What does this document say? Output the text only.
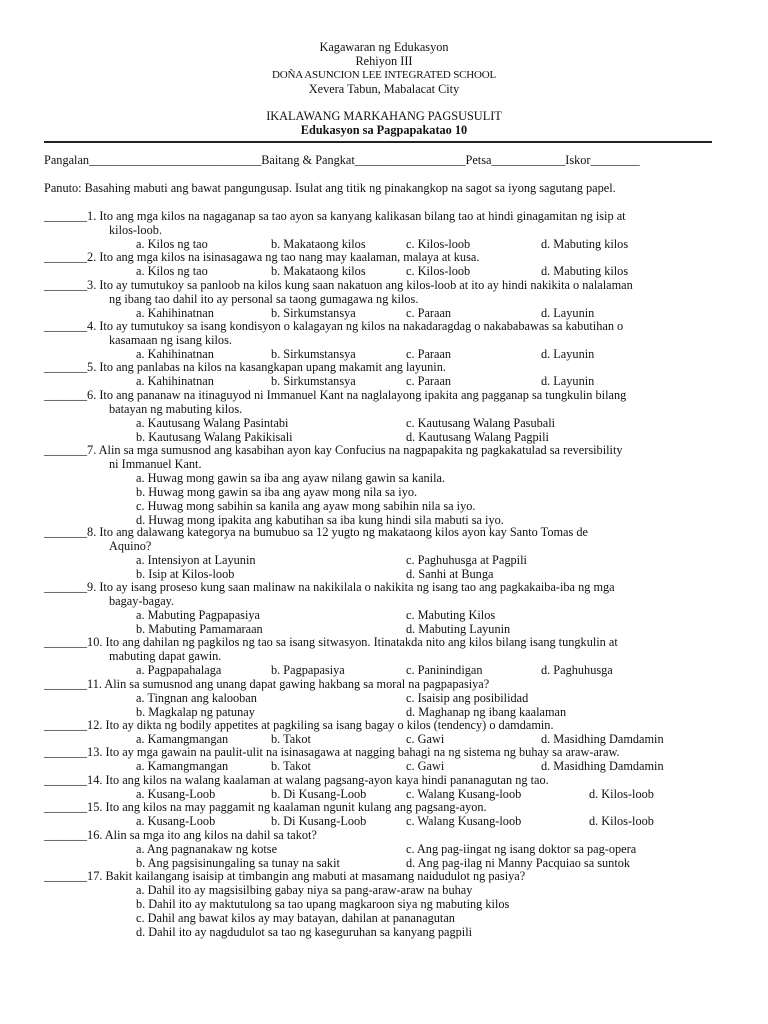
Kagawaran ng Edukasyon
Rehiyon III
DOÑA ASUNCION LEE INTEGRATED SCHOOL
Xevera Tabun, Mabalacat City
IKALAWANG MARKAHANG PAGSUSULIT
Edukasyon sa Pagpapakatao 10
Pangalan____________________________Baitang & Pangkat__________________Petsa____________Iskor________
Panuto: Basahing mabuti ang bawat pangungusap. Isulat ang titik ng pinakangkop na sagot sa iyong sagutang papel.
_______1. Ito ang mga kilos na nagaganap sa tao ayon sa kanyang kalikasan bilang tao at hindi ginagamitan ng isip at
kilos-loob.
a. Kilos ng tao	b. Makataong kilos	c. Kilos-loob	d. Mabuting kilos
_______2. Ito ang mga kilos na isinasagawa ng tao nang may kaalaman, malaya at kusa.
a. Kilos ng tao	b. Makataong kilos	c. Kilos-loob	d. Mabuting kilos
_______3. Ito ay tumutukoy sa panloob na kilos kung saan nakatuon ang kilos-loob at ito ay hindi nakikita o nalalaman
ng ibang tao dahil ito ay personal sa taong gumagawa ng kilos.
a. Kahihinatnan	b. Sirkumstansya	c. Paraan	d. Layunin
_______4. Ito ay tumutukoy sa isang kondisyon o kalagayan ng kilos na nakadaragdag o nakababawas sa kabutihan o
kasamaan ng isang kilos.
a. Kahihinatnan	b. Sirkumstansya	c. Paraan	d. Layunin
_______5. Ito ang panlabas na kilos na kasangkapan upang makamit ang layunin.
a. Kahihinatnan	b. Sirkumstansya	c. Paraan	d. Layunin
_______6. Ito ang pananaw na itinaguyod ni Immanuel Kant na naglalayong ipakita ang pagganap sa tungkulin bilang
batayan ng mabuting kilos.
a. Kautusang Walang Pasintabi	c. Kautusang Walang Pasubali
b. Kautusang Walang Pakikisali	d. Kautusang Walang Pagpili
_______7. Alin sa mga sumusnod ang kasabihan ayon kay Confucius na nagpapakita ng pagkakatulad sa reversibility
ni Immanuel Kant.
a. Huwag mong gawin sa iba ang ayaw nilang gawin sa kanila.
b. Huwag mong gawin sa iba ang ayaw mong nila sa iyo.
c. Huwag mong sabihin sa kanila ang ayaw mong sabihin nila sa iyo.
d. Huwag mong ipakita ang kabutihan sa iba kung hindi sila mabuti sa iyo.
_______8. Ito ang dalawang kategorya na bumubuo sa 12 yugto ng makataong kilos ayon kay Santo Tomas de
Aquino?
a. Intensiyon at Layunin	c. Paghuhusga at Pagpili
b. Isip at Kilos-loob	d. Sanhi at Bunga
_______9. Ito ay isang proseso kung saan malinaw na nakikilala o nakikita ng isang tao ang pagkakaiba-iba ng mga
bagay-bagay.
a. Mabuting Pagpapasiya	c. Mabuting Kilos
b. Mabuting Pamamaraan	d. Mabuting Layunin
_______10. Ito ang dahilan ng pagkilos ng tao sa isang sitwasyon. Itinatakda nito ang kilos bilang isang tungkulin at
mabuting dapat gawin.
a. Pagpapahalaga	b. Pagpapasiya	c. Paninindigan	d. Paghuhusga
_______11. Alin sa sumusnod ang unang dapat gawing hakbang sa moral na pagpapasiya?
a. Tingnan ang kalooban	c. Isaisip ang posibilidad
b. Magkalap ng patunay	d. Maghanap ng ibang kaalaman
_______12. Ito ay dikta ng bodily appetites at pagkiling sa isang bagay o kilos (tendency) o damdamin.
a. Kamangmangan	b. Takot	c. Gawi	d. Masidhing Damdamin
_______13. Ito ay mga gawain na paulit-ulit na isinasagawa at nagging bahagi na ng sistema ng buhay sa araw-araw.
a. Kamangmangan	b. Takot	c. Gawi	d. Masidhing Damdamin
_______14. Ito ang kilos na walang kaalaman at walang pagsang-ayon kaya hindi pananagutan ng tao.
a. Kusang-Loob	b. Di Kusang-Loob	c. Walang Kusang-loob	d. Kilos-loob
_______15. Ito ang kilos na may paggamit ng kaalaman ngunit kulang ang pagsang-ayon.
a. Kusang-Loob	b. Di Kusang-Loob	c. Walang Kusang-loob	d. Kilos-loob
_______16. Alin sa mga ito ang kilos na dahil sa takot?
a. Ang pagnanakaw ng kotse	c. Ang pag-iingat ng isang doktor sa pag-opera
b. Ang pagsisinungaling sa tunay na sakit	d. Ang pag-ilag ni Manny Pacquiao sa suntok
_______17. Bakit kailangang isaisip at timbangin ang mabuti at masamang naidudulot ng pasiya?
a. Dahil ito ay magsisilbing gabay niya sa pang-araw-araw na buhay
b. Dahil ito ay maktutulong sa tao upang magkaroon siya ng mabuting kilos
c. Dahil ang bawat kilos ay may batayan, dahilan at pananagutan
d. Dahil ito ay nagdudulot sa tao ng kaseguruhan sa kanyang pagpili
